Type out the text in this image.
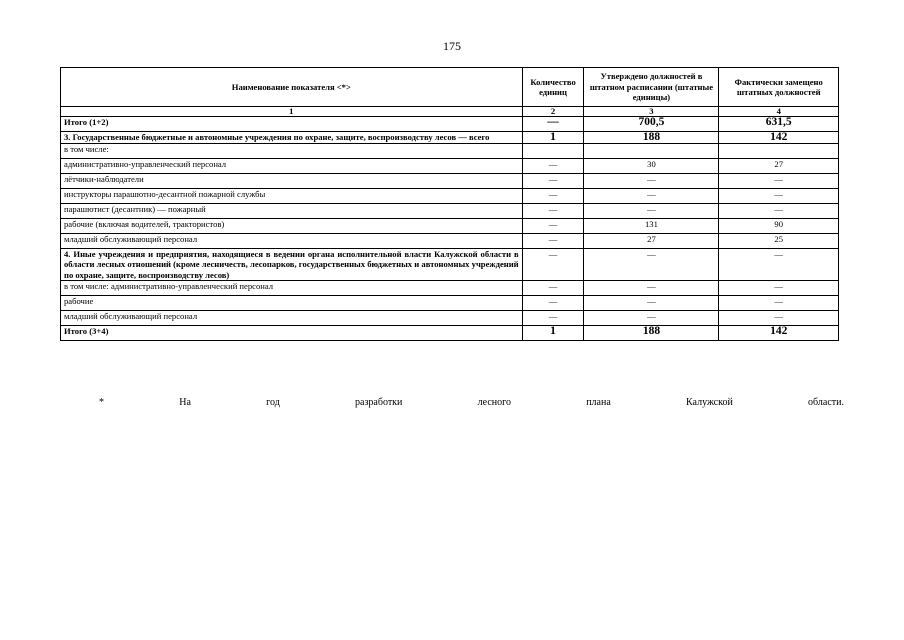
175
Наименование показателя <*>	Количество единиц	Утверждено должностей в штатном расписании (штатные единицы)	Фактически замещено штатных должностей
1	2	3	4
Итого (1+2)	—	700,5	631,5
3. Государственные бюджетные и автономные учреждения по охране, защите, воспроизводству лесов — всего	1	188	142
в том числе:			
административно-управленческий персонал	—	30	27
лётчики-наблюдатели	—	—	—
инструкторы парашютно-десантной пожарной службы	—	—	—
парашютист (десантник) — пожарный	—	—	—
рабочие (включая водителей, трактористов)	—	131	90
младший обслуживающий персонал	—	27	25
4. Иные учреждения и предприятия, находящиеся в ведении органа исполнительной власти Калужской области в области лесных отношений (кроме лесничеств, лесопарков, государственных бюджетных и автономных учреждений по охране, защите, воспроизводству лесов)	—	—	—
в том числе: административно-управленческий персонал	—	—	—
рабочие	—	—	—
младший обслуживающий персонал	—	—	—
Итого (3+4)	1	188	142
*	На	год	разработки	лесного	плана	Калужской	области.
